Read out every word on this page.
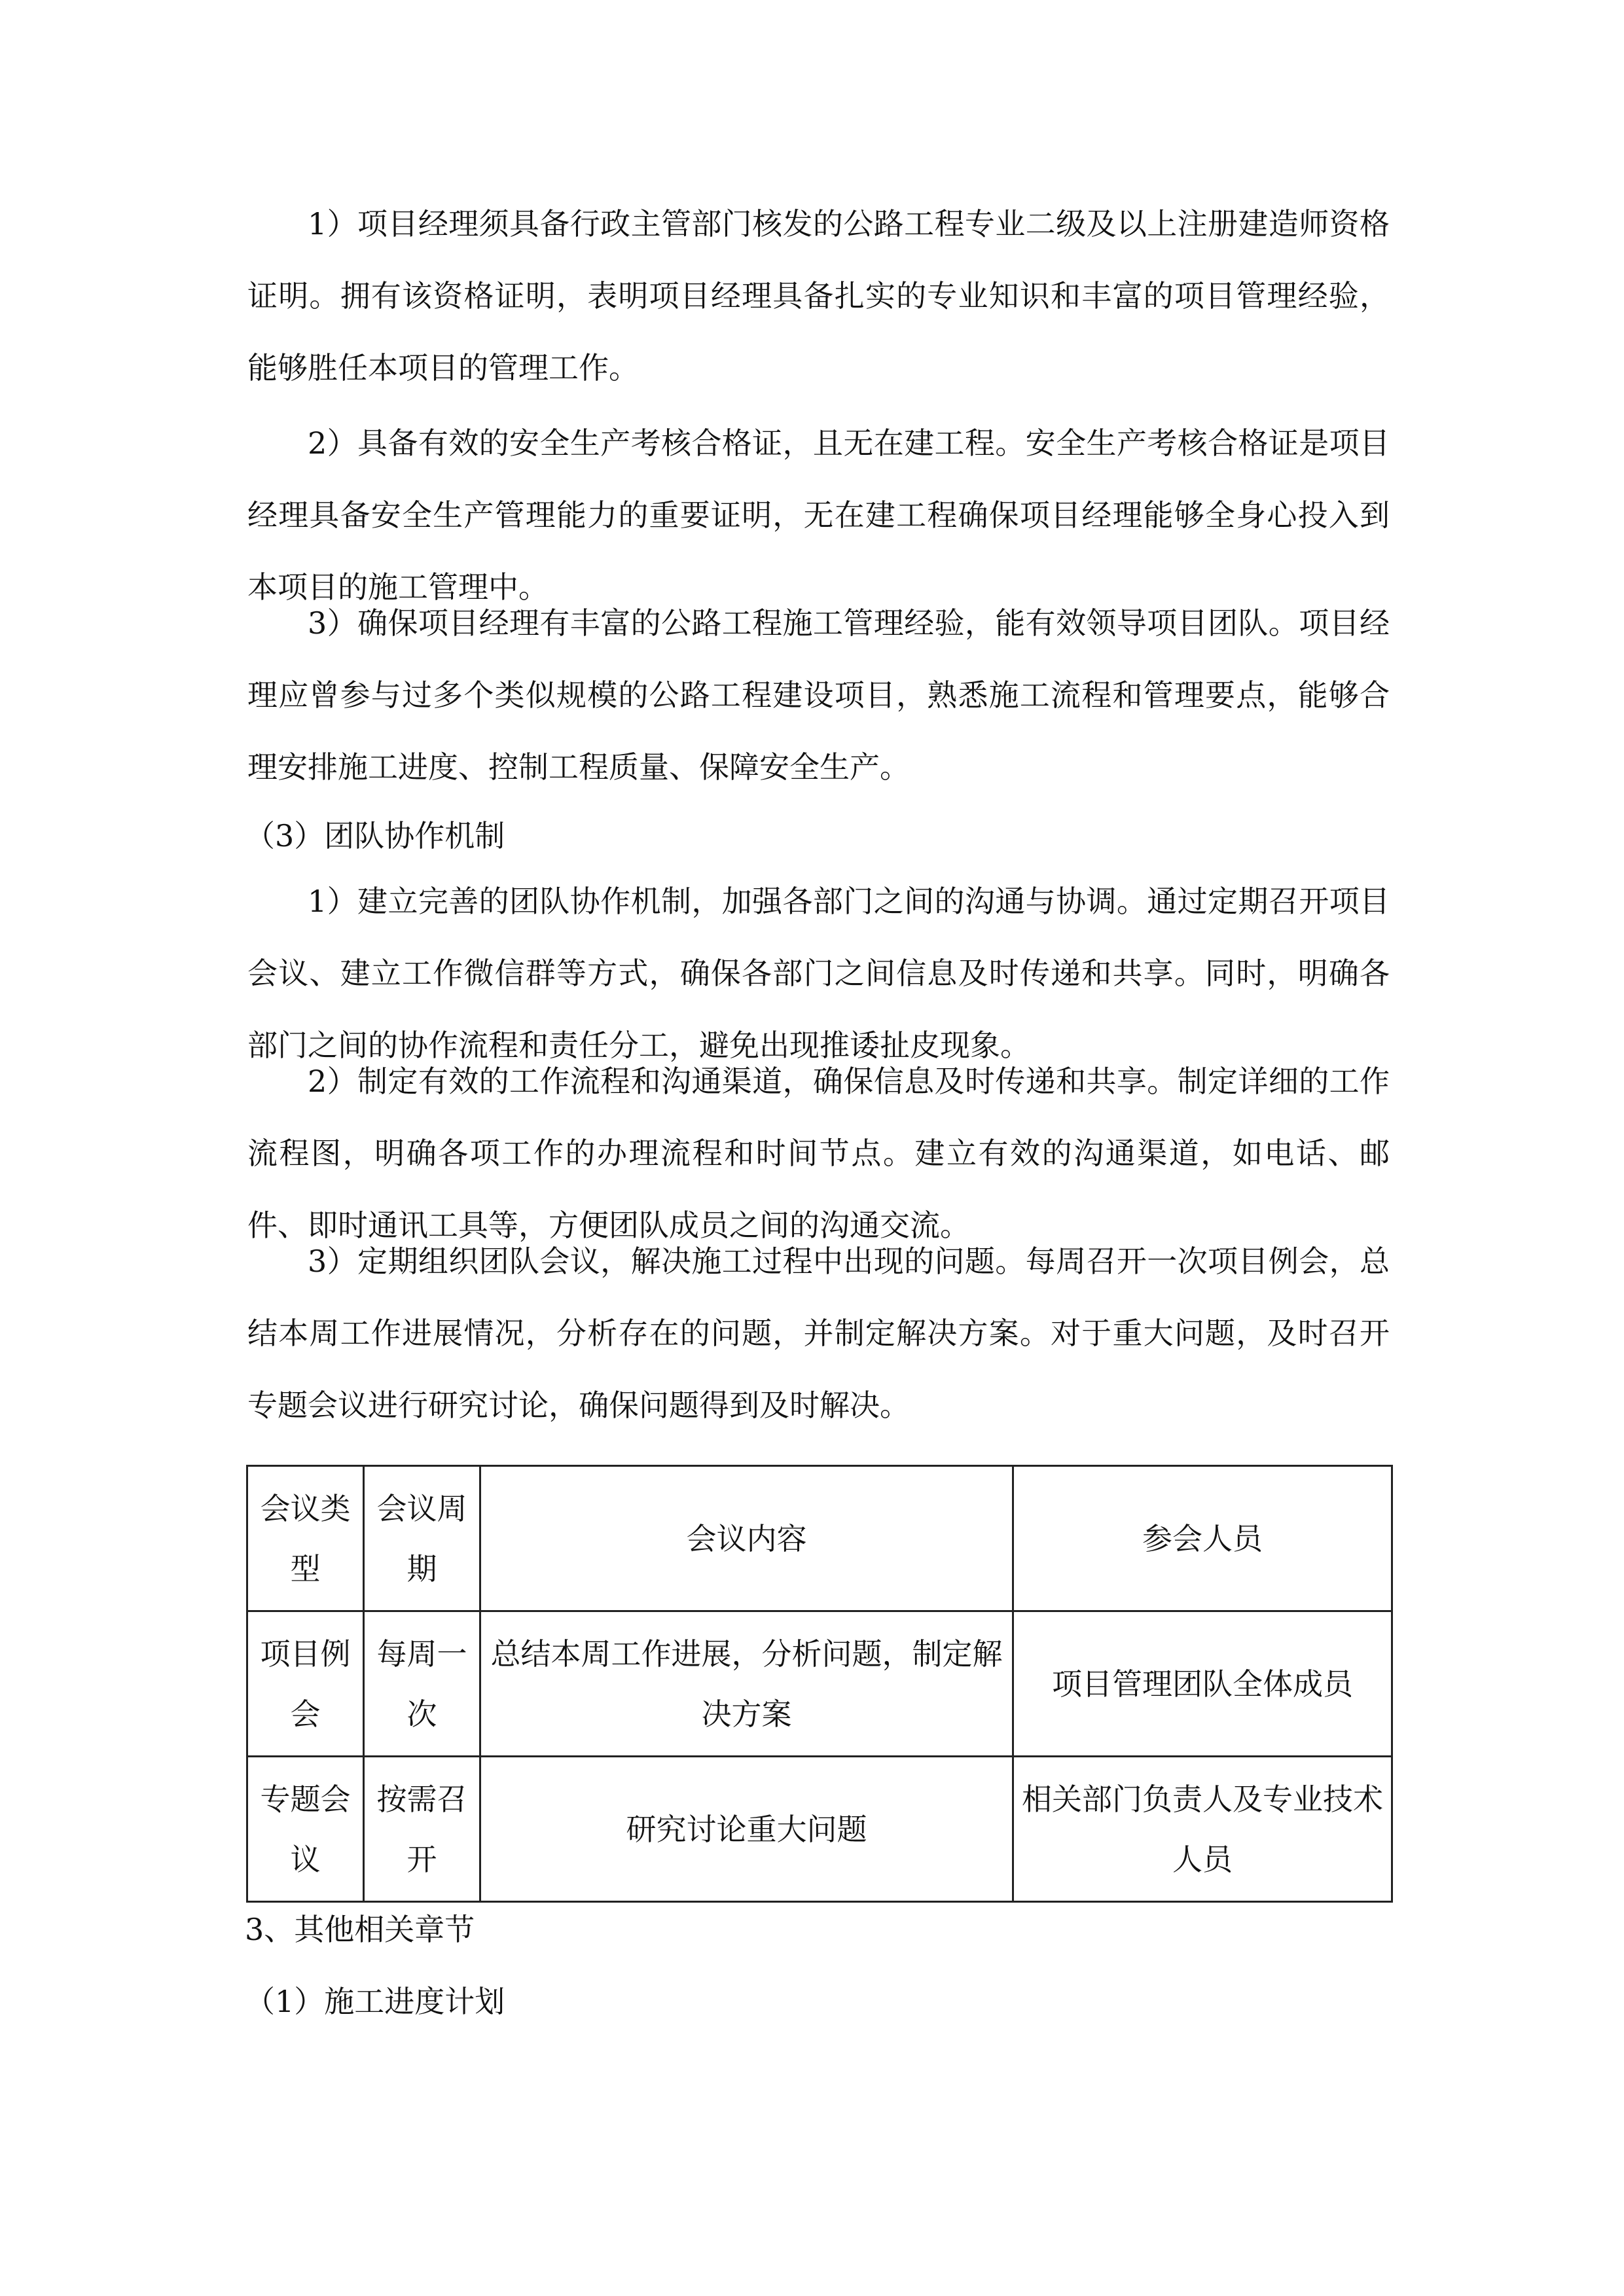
1）项目经理须具备行政主管部门核发的公路工程专业二级及以上注册建造师资格证明。拥有该资格证明，表明项目经理具备扎实的专业知识和丰富的项目管理经验，能够胜任本项目的管理工作。

2）具备有效的安全生产考核合格证，且无在建工程。安全生产考核合格证是项目经理具备安全生产管理能力的重要证明，无在建工程确保项目经理能够全身心投入到本项目的施工管理中。

3）确保项目经理有丰富的公路工程施工管理经验，能有效领导项目团队。项目经理应曾参与过多个类似规模的公路工程建设项目，熟悉施工流程和管理要点，能够合理安排施工进度、控制工程质量、保障安全生产。

（3）团队协作机制

1）建立完善的团队协作机制，加强各部门之间的沟通与协调。通过定期召开项目会议、建立工作微信群等方式，确保各部门之间信息及时传递和共享。同时，明确各部门之间的协作流程和责任分工，避免出现推诿扯皮现象。

2）制定有效的工作流程和沟通渠道，确保信息及时传递和共享。制定详细的工作流程图，明确各项工作的办理流程和时间节点。建立有效的沟通渠道，如电话、邮件、即时通讯工具等，方便团队成员之间的沟通交流。

3）定期组织团队会议，解决施工过程中出现的问题。每周召开一次项目例会，总结本周工作进展情况，分析存在的问题，并制定解决方案。对于重大问题，及时召开专题会议进行研究讨论，确保问题得到及时解决。

会议类型	会议周期	会议内容	参会人员
项目例会	每周一次	总结本周工作进展，分析问题，制定解决方案	项目管理团队全体成员
专题会议	按需召开	研究讨论重大问题	相关部门负责人及专业技术人员

3、其他相关章节

（1）施工进度计划
